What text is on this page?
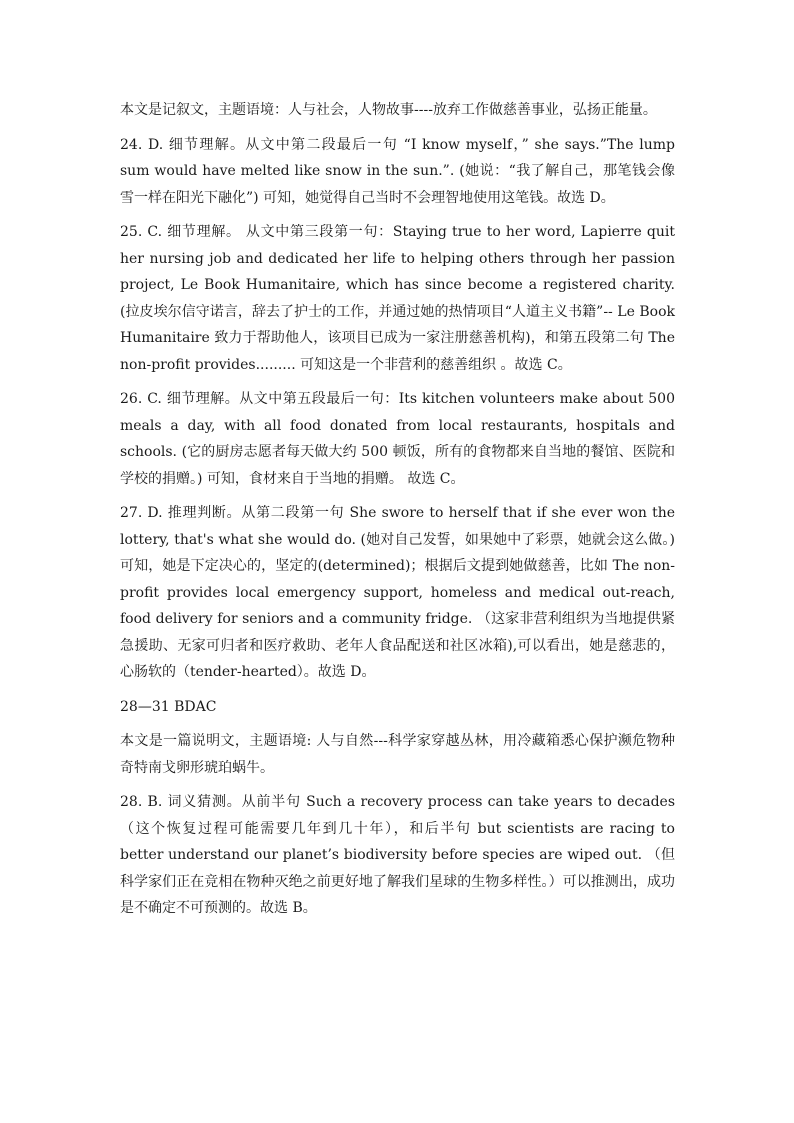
本文是记叙文，主题语境：人与社会，人物故事----放弃工作做慈善事业，弘扬正能量。

24. D. 细节理解。从文中第二段最后一句 “I know myself，” she says.”The lump sum would have melted like snow in the sun.”. (她说：“我了解自己，那笔钱会像雪一样在阳光下融化”) 可知，她觉得自己当时不会理智地使用这笔钱。故选 D。

25. C. 细节理解。 从文中第三段第一句：Staying true to her word, Lapierre quit her nursing job and dedicated her life to helping others through her passion project, Le Book Humanitaire, which has since become a registered charity.(拉皮埃尔信守诺言，辞去了护士的工作，并通过她的热情项目“人道主义书籍”-- Le Book Humanitaire 致力于帮助他人，该项目已成为一家注册慈善机构)，和第五段第二句 The non-profit provides......... 可知这是一个非营利的慈善组织 。故选 C。

26. C. 细节理解。从文中第五段最后一句：Its kitchen volunteers make about 500 meals a day, with all food donated from local restaurants, hospitals and schools. (它的厨房志愿者每天做大约 500 顿饭，所有的食物都来自当地的餐馆、医院和学校的捐赠。) 可知，食材来自于当地的捐赠。 故选 C。

27. D. 推理判断。从第二段第一句 She swore to herself that if she ever won the lottery, that's what she would do. (她对自己发誓，如果她中了彩票，她就会这么做。) 可知，她是下定决心的，坚定的(determined)；根据后文提到她做慈善，比如 The non-profit provides local emergency support, homeless and medical out-reach, food delivery for seniors and a community fridge. （这家非营利组织为当地提供紧急援助、无家可归者和医疗救助、老年人食品配送和社区冰箱),可以看出，她是慈悲的，心肠软的（tender-hearted）。故选 D。

28—31 BDAC

本文是一篇说明文，主题语境: 人与自然---科学家穿越丛林，用冷藏箱悉心保护濒危物种奇特南戈卵形琥珀蜗牛。

28. B. 词义猜测。从前半句 Such a recovery process can take years to decades（这个恢复过程可能需要几年到几十年），和后半句 but scientists are racing to better understand our planet’s biodiversity before species are wiped out. （但科学家们正在竞相在物种灭绝之前更好地了解我们星球的生物多样性。）可以推测出，成功是不确定不可预测的。故选 B。
